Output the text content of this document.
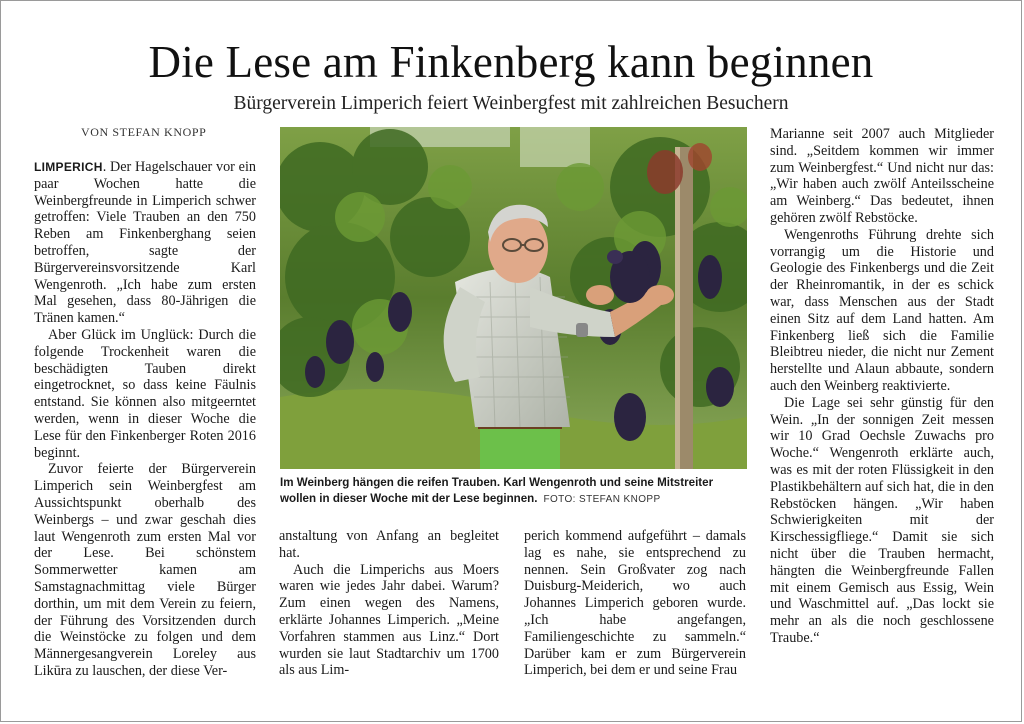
Die Lese am Finkenberg kann beginnen
Bürgerverein Limperich feiert Weinbergfest mit zahlreichen Besuchern
VON STEFAN KNOPP

LIMPERICH. Der Hagelschauer vor ein paar Wochen hatte die Weinbergfreunde in Limperich schwer getroffen: Viele Trauben an den 750 Reben am Finkenberghang seien betroffen, sagte der Bürgervereinsvorsitzende Karl Wengenroth. „Ich habe zum ersten Mal gesehen, dass 80-Jährigen die Tränen kamen.“

Aber Glück im Unglück: Durch die folgende Trockenheit waren die beschädigten Tauben direkt eingetrocknet, so dass keine Fäulnis entstand. Sie können also mitgeerntet werden, wenn in dieser Woche die Lese für den Finkenberger Roten 2016 beginnt.

Zuvor feierte der Bürgerverein Limperich sein Weinbergfest am Aussichtspunkt oberhalb des Weinbergs – und zwar geschah dies laut Wengenroth zum ersten Mal vor der Lese. Bei schönstem Sommerwetter kamen am Samstagnachmittag viele Bürger dorthin, um mit dem Verein zu feiern, der Führung des Vorsitzenden durch die Weinstöcke zu folgen und dem Männergesangverein Loreley aus Likūra zu lauschen, der diese Ver-

Im Weinberg hängen die reifen Trauben. Karl Wengenroth und seine Mitstreiter wollen in dieser Woche mit der Lese beginnen. FOTO: STEFAN KNOPP

anstaltung von Anfang an begleitet hat.

Auch die Limperichs aus Moers waren wie jedes Jahr dabei. Warum? Zum einen wegen des Namens, erklärte Johannes Limperich. „Meine Vorfahren stammen aus Linz.“ Dort wurden sie laut Stadtarchiv um 1700 als aus Lim-

perich kommend aufgeführt – damals lag es nahe, sie entsprechend zu nennen. Sein Großvater zog nach Duisburg-Meiderich, wo auch Johannes Limperich geboren wurde. „Ich habe angefangen, Familiengeschichte zu sammeln.“ Darüber kam er zum Bürgerverein Limperich, bei dem er und seine Frau

Marianne seit 2007 auch Mitglieder sind. „Seitdem kommen wir immer zum Weinbergfest.“ Und nicht nur das: „Wir haben auch zwölf Anteilsscheine am Weinberg.“ Das bedeutet, ihnen gehören zwölf Rebstöcke.

Wengenroths Führung drehte sich vorrangig um die Historie und Geologie des Finkenbergs und die Zeit der Rheinromantik, in der es schick war, dass Menschen aus der Stadt einen Sitz auf dem Land hatten. Am Finkenberg ließ sich die Familie Bleibtreu nieder, die nicht nur Zement herstellte und Alaun abbaute, sondern auch den Weinberg reaktivierte.

Die Lage sei sehr günstig für den Wein. „In der sonnigen Zeit messen wir 10 Grad Oechsle Zuwachs pro Woche.“ Wengenroth erklärte auch, was es mit der roten Flüssigkeit in den Plastikbehältern auf sich hat, die in den Rebstöcken hängen. „Wir haben Schwierigkeiten mit der Kirschessigfliege.“ Damit sie sich nicht über die Trauben hermacht, hängten die Weinbergfreunde Fallen mit einem Gemisch aus Essig, Wein und Waschmittel auf. „Das lockt sie mehr an als die noch geschlossene Traube.“
